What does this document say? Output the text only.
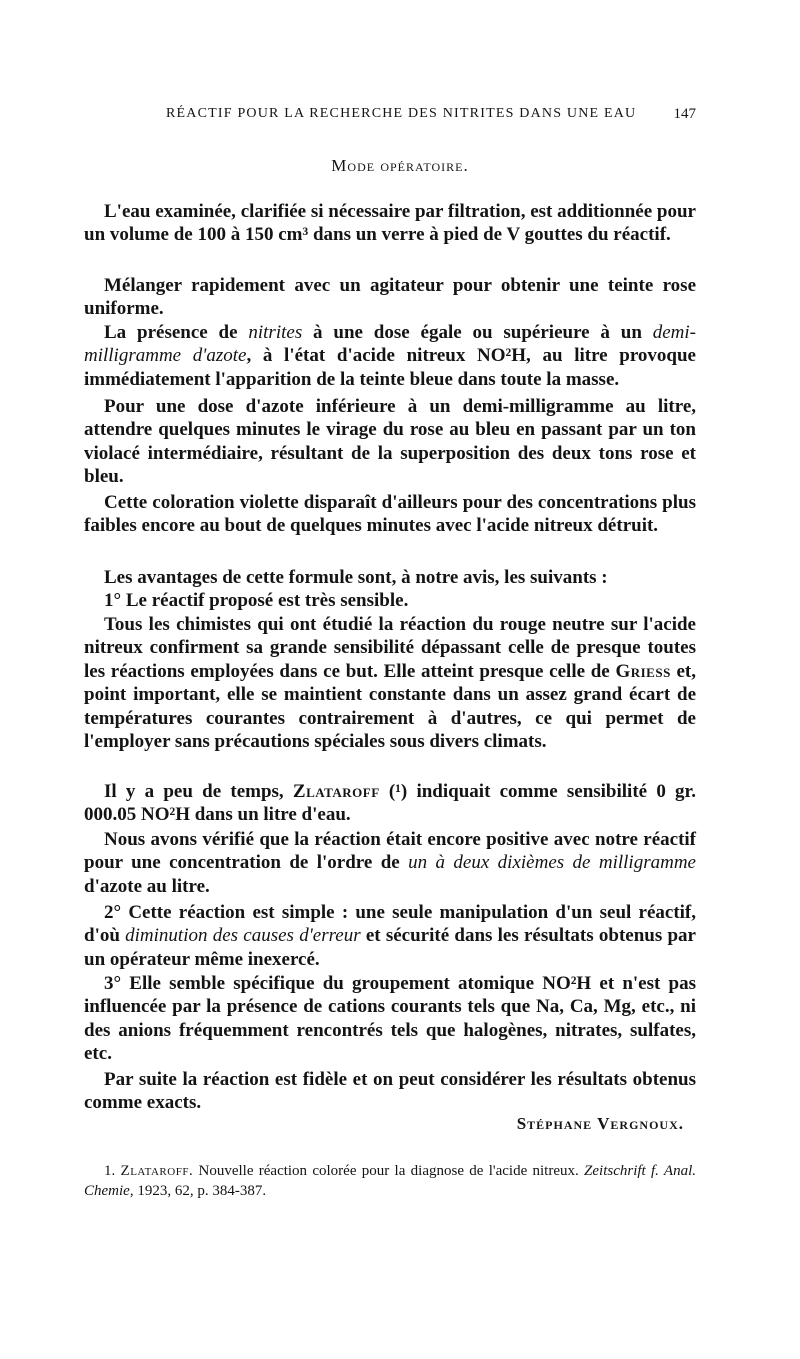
RÉACTIF POUR LA RECHERCHE DES NITRITES DANS UNE EAU 147
Mode opératoire.

L'eau examinée, clarifiée si nécessaire par filtration, est additionnée pour un volume de 100 à 150 cm³ dans un verre à pied de V gouttes du réactif.

Mélanger rapidement avec un agitateur pour obtenir une teinte rose uniforme.

La présence de nitrites à une dose égale ou supérieure à un demi-milligramme d'azote, à l'état d'acide nitreux NO²H, au litre provoque immédiatement l'apparition de la teinte bleue dans toute la masse.

Pour une dose d'azote inférieure à un demi-milligramme au litre, attendre quelques minutes le virage du rose au bleu en passant par un ton violacé intermédiaire, résultant de la superposition des deux tons rose et bleu.

Cette coloration violette disparaît d'ailleurs pour des concentrations plus faibles encore au bout de quelques minutes avec l'acide nitreux détruit.

Les avantages de cette formule sont, à notre avis, les suivants :

1° Le réactif proposé est très sensible.

Tous les chimistes qui ont étudié la réaction du rouge neutre sur l'acide nitreux confirment sa grande sensibilité dépassant celle de presque toutes les réactions employées dans ce but. Elle atteint presque celle de Griess et, point important, elle se maintient constante dans un assez grand écart de températures courantes contrairement à d'autres, ce qui permet de l'employer sans précautions spéciales sous divers climats.

Il y a peu de temps, Zlataroff (¹) indiquait comme sensibilité 0 gr. 000.05 NO²H dans un litre d'eau.

Nous avons vérifié que la réaction était encore positive avec notre réactif pour une concentration de l'ordre de un à deux dixièmes de milligramme d'azote au litre.

2° Cette réaction est simple : une seule manipulation d'un seul réactif, d'où diminution des causes d'erreur et sécurité dans les résultats obtenus par un opérateur même inexercé.

3° Elle semble spécifique du groupement atomique NO²H et n'est pas influencée par la présence de cations courants tels que Na, Ca, Mg, etc., ni des anions fréquemment rencontrés tels que halogènes, nitrates, sulfates, etc.

Par suite la réaction est fidèle et on peut considérer les résultats obtenus comme exacts.

Stéphane Vergnoux.

1. Zlataroff. Nouvelle réaction colorée pour la diagnose de l'acide nitreux. Zeitschrift f. Anal. Chemie, 1923, 62, p. 384-387.
